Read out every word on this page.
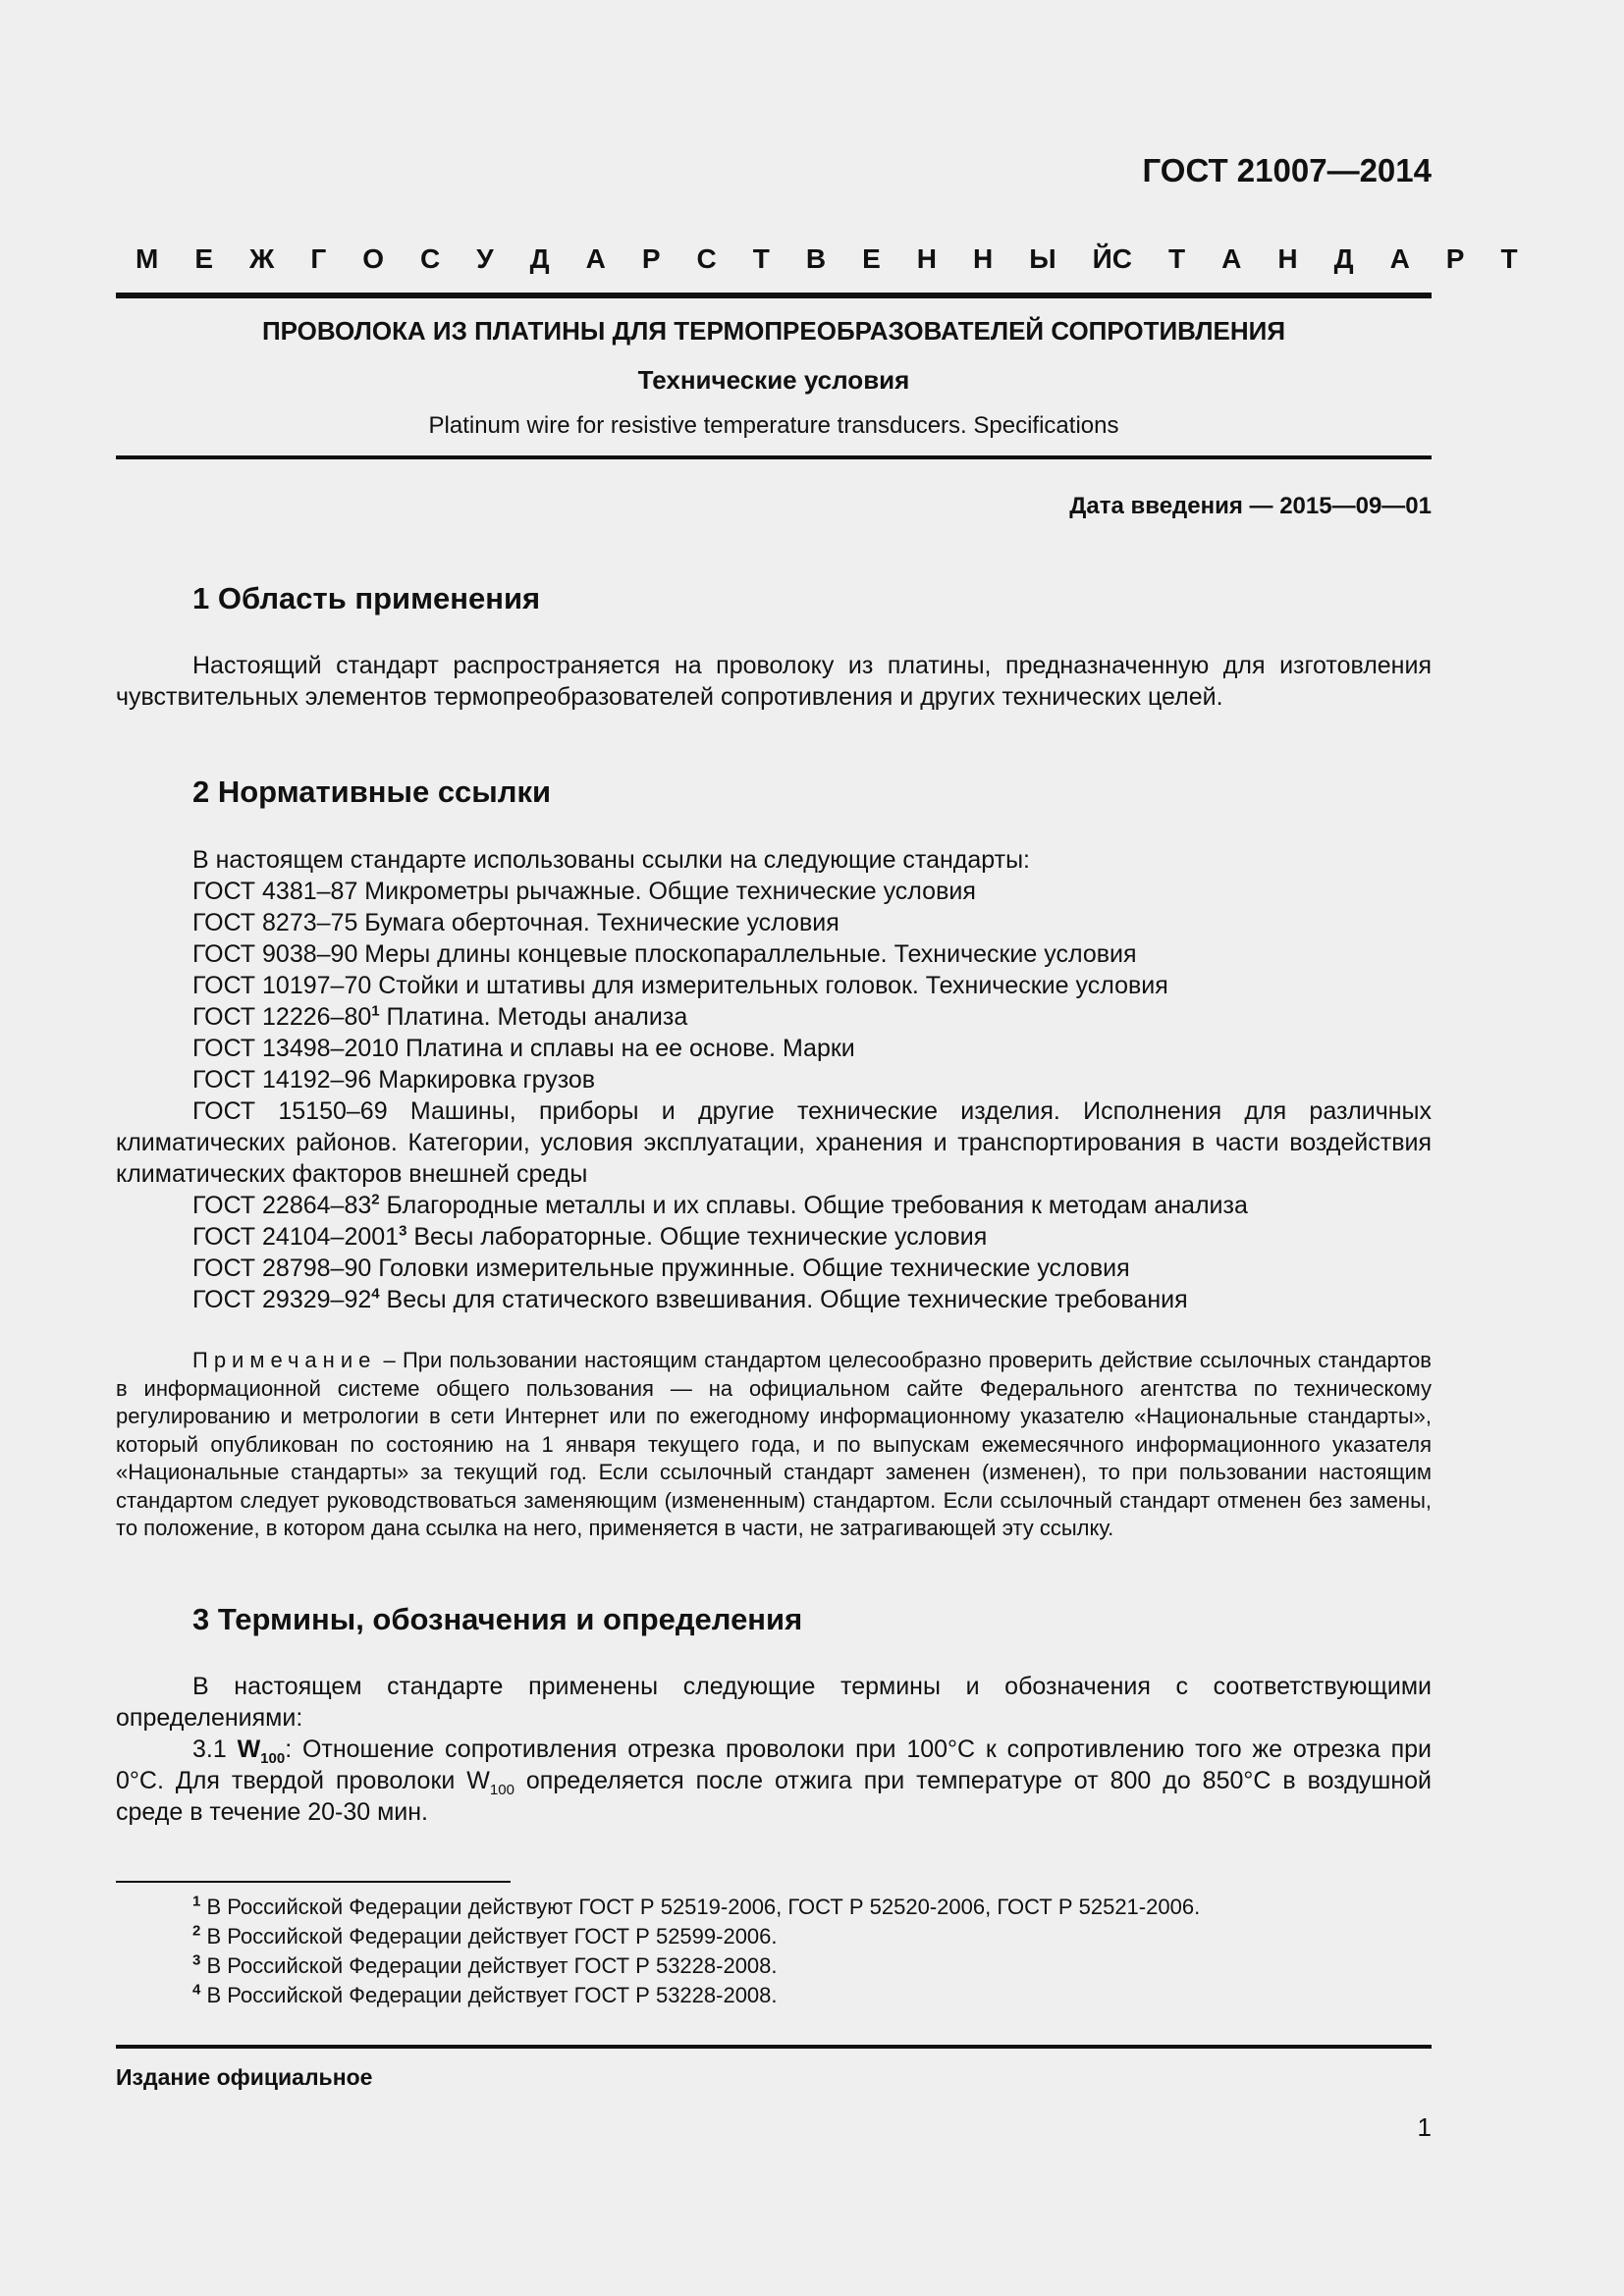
ГОСТ 21007—2014
М Е Ж Г О С У Д А Р С Т В Е Н Н Ы Й С Т А Н Д А Р Т
ПРОВОЛОКА ИЗ ПЛАТИНЫ ДЛЯ ТЕРМОПРЕОБРАЗОВАТЕЛЕЙ СОПРОТИВЛЕНИЯ
Технические условия
Platinum wire for resistive temperature transducers. Specifications
Дата введения — 2015—09—01
1 Область применения
Настоящий стандарт распространяется на проволоку из платины, предназначенную для изготовления чувствительных элементов термопреобразователей сопротивления и других технических целей.
2 Нормативные ссылки
В настоящем стандарте использованы ссылки на следующие стандарты:
ГОСТ 4381–87 Микрометры рычажные. Общие технические условия
ГОСТ 8273–75 Бумага оберточная. Технические условия
ГОСТ 9038–90 Меры длины концевые плоскопараллельные. Технические условия
ГОСТ 10197–70 Стойки и штативы для измерительных головок. Технические условия
ГОСТ $12226-80^1$ Платина. Методы анализа
ГОСТ 13498–2010 Платина и сплавы на ее основе. Марки
ГОСТ 14192–96 Маркировка грузов
ГОСТ 15150–69 Машины, приборы и другие технические изделия. Исполнения для различных климатических районов. Категории, условия эксплуатации, хранения и транспортирования в части воздействия климатических факторов внешней среды
ГОСТ $22864-83^2$ Благородные металлы и их сплавы. Общие требования к методам анализа
ГОСТ 24104–2001$^3$ Весы лабораторные. Общие технические условия
ГОСТ 28798–90 Головки измерительные пружинные. Общие технические условия
ГОСТ $29329-92^4$ Весы для статического взвешивания. Общие технические требования
Примечание – При пользовании настоящим стандартом целесообразно проверить действие ссылочных стандартов в информационной системе общего пользования — на официальном сайте Федерального агентства по техническому регулированию и метрологии в сети Интернет или по ежегодному информационному указателю «Национальные стандарты», который опубликован по состоянию на 1 января текущего года, и по выпускам ежемесячного информационного указателя «Национальные стандарты» за текущий год. Если ссылочный стандарт заменен (изменен), то при пользовании настоящим стандартом следует руководствоваться заменяющим (измененным) стандартом. Если ссылочный стандарт отменен без замены, то положение, в котором дана ссылка на него, применяется в части, не затрагивающей эту ссылку.
3 Термины, обозначения и определения
В настоящем стандарте применены следующие термины и обозначения с соответствующими определениями:
3.1 $W_{100}$: Отношение сопротивления отрезка проволоки при 100°С к сопротивлению того же отрезка при 0°С. Для твердой проволоки $W_{100}$ определяется после отжига при температуре от 800 до 850°С в воздушной среде в течение 20-30 мин.
$^1$ В Российской Федерации действуют ГОСТ Р 52519-2006, ГОСТ Р 52520-2006, ГОСТ Р 52521-2006.
$^2$ В Российской Федерации действует ГОСТ Р 52599-2006.
$^3$ В Российской Федерации действует ГОСТ Р 53228-2008.
$^4$ В Российской Федерации действует ГОСТ Р 53228-2008.
Издание официальное
1
